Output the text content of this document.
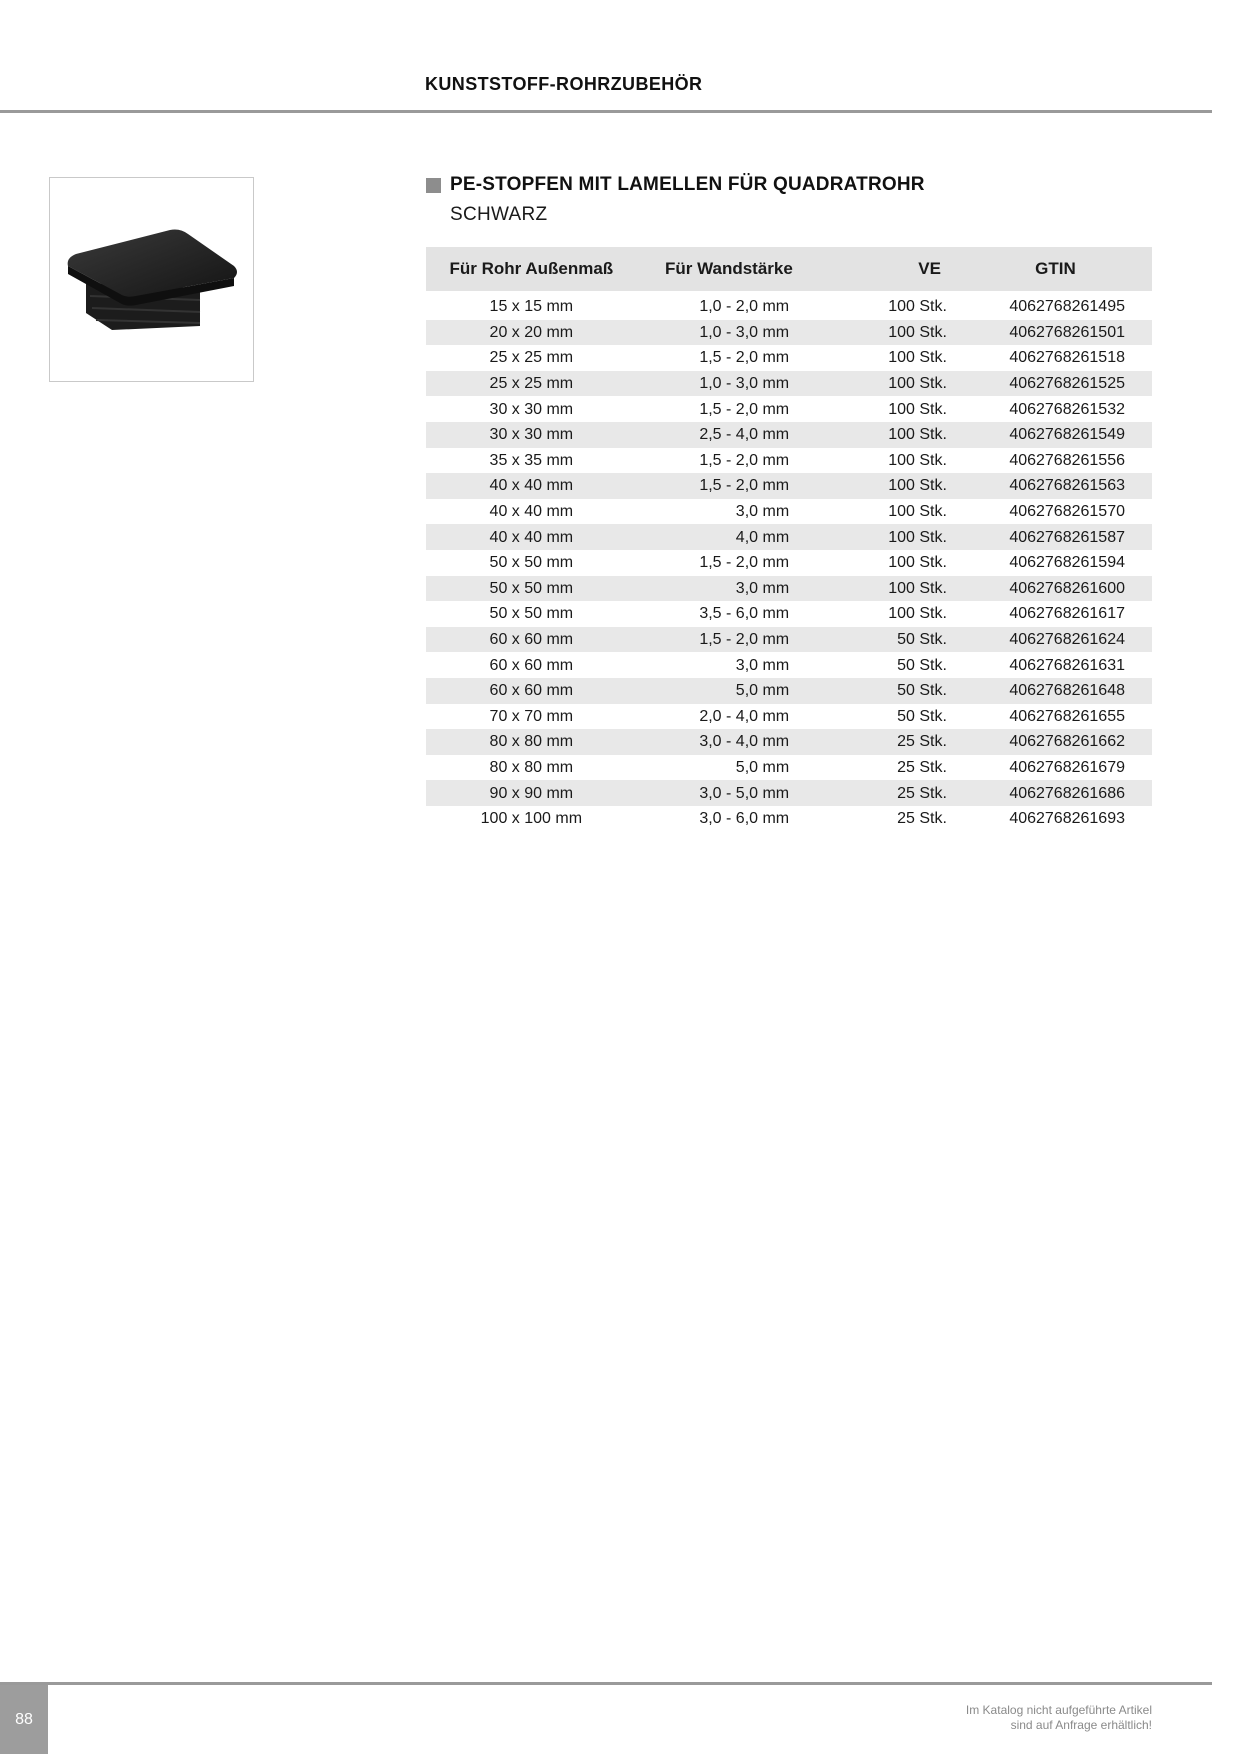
KUNSTSTOFF-ROHRZUBEHÖR
PE-STOPFEN MIT LAMELLEN FÜR QUADRATROHR
SCHWARZ
Für Rohr Außenmaß	Für Wandstärke	VE	GTIN
15 x 15 mm	1,0 - 2,0 mm	100 Stk.	4062768261495
20 x 20 mm	1,0 - 3,0 mm	100 Stk.	4062768261501
25 x 25 mm	1,5 - 2,0 mm	100 Stk.	4062768261518
25 x 25 mm	1,0 - 3,0 mm	100 Stk.	4062768261525
30 x 30 mm	1,5 - 2,0 mm	100 Stk.	4062768261532
30 x 30 mm	2,5 - 4,0 mm	100 Stk.	4062768261549
35 x 35 mm	1,5 - 2,0 mm	100 Stk.	4062768261556
40 x 40 mm	1,5 - 2,0 mm	100 Stk.	4062768261563
40 x 40 mm	3,0 mm	100 Stk.	4062768261570
40 x 40 mm	4,0 mm	100 Stk.	4062768261587
50 x 50 mm	1,5 - 2,0 mm	100 Stk.	4062768261594
50 x 50 mm	3,0 mm	100 Stk.	4062768261600
50 x 50 mm	3,5 - 6,0 mm	100 Stk.	4062768261617
60 x 60 mm	1,5 - 2,0 mm	50 Stk.	4062768261624
60 x 60 mm	3,0 mm	50 Stk.	4062768261631
60 x 60 mm	5,0 mm	50 Stk.	4062768261648
70 x 70 mm	2,0 - 4,0 mm	50 Stk.	4062768261655
80 x 80 mm	3,0 - 4,0 mm	25 Stk.	4062768261662
80 x 80 mm	5,0 mm	25 Stk.	4062768261679
90 x 90 mm	3,0 - 5,0 mm	25 Stk.	4062768261686
100 x 100 mm	3,0 - 6,0 mm	25 Stk.	4062768261693
88
Im Katalog nicht aufgeführte Artikel
sind auf Anfrage erhältlich!
